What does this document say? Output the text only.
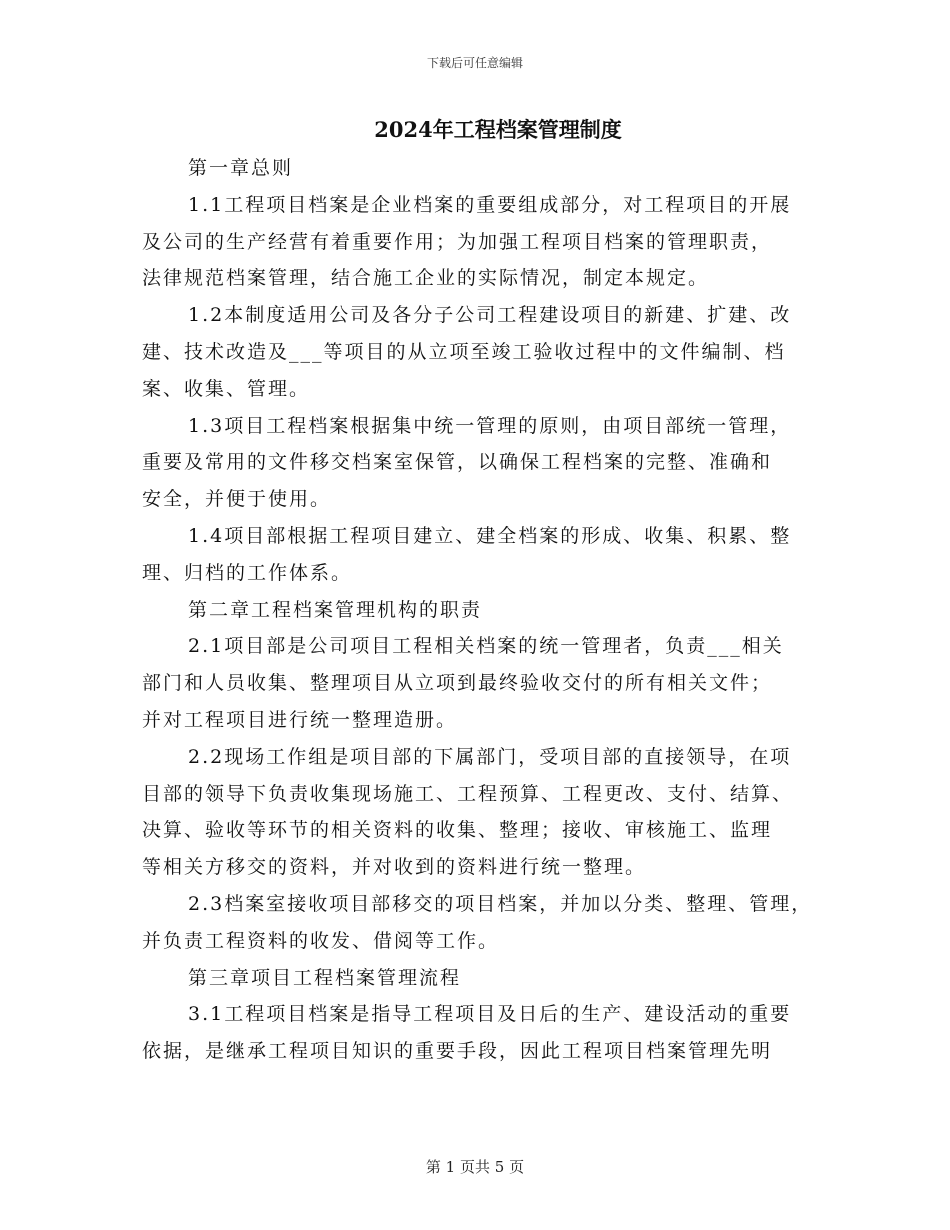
下载后可任意编辑
2024年工程档案管理制度
第一章总则
1.1工程项目档案是企业档案的重要组成部分，对工程项目的开展
及公司的生产经营有着重要作用；为加强工程项目档案的管理职责，
法律规范档案管理，结合施工企业的实际情况，制定本规定。
1.2本制度适用公司及各分子公司工程建设项目的新建、扩建、改
建、技术改造及___等项目的从立项至竣工验收过程中的文件编制、档
案、收集、管理。
1.3项目工程档案根据集中统一管理的原则，由项目部统一管理，
重要及常用的文件移交档案室保管，以确保工程档案的完整、准确和
安全，并便于使用。
1.4项目部根据工程项目建立、建全档案的形成、收集、积累、整
理、归档的工作体系。
第二章工程档案管理机构的职责
2.1项目部是公司项目工程相关档案的统一管理者，负责___相关
部门和人员收集、整理项目从立项到最终验收交付的所有相关文件；
并对工程项目进行统一整理造册。
2.2现场工作组是项目部的下属部门，受项目部的直接领导，在项
目部的领导下负责收集现场施工、工程预算、工程更改、支付、结算、
决算、验收等环节的相关资料的收集、整理；接收、审核施工、监理
等相关方移交的资料，并对收到的资料进行统一整理。
2.3档案室接收项目部移交的项目档案，并加以分类、整理、管理，
并负责工程资料的收发、借阅等工作。
第三章项目工程档案管理流程
3.1工程项目档案是指导工程项目及日后的生产、建设活动的重要
依据，是继承工程项目知识的重要手段，因此工程项目档案管理先明
第 1 页共 5 页
